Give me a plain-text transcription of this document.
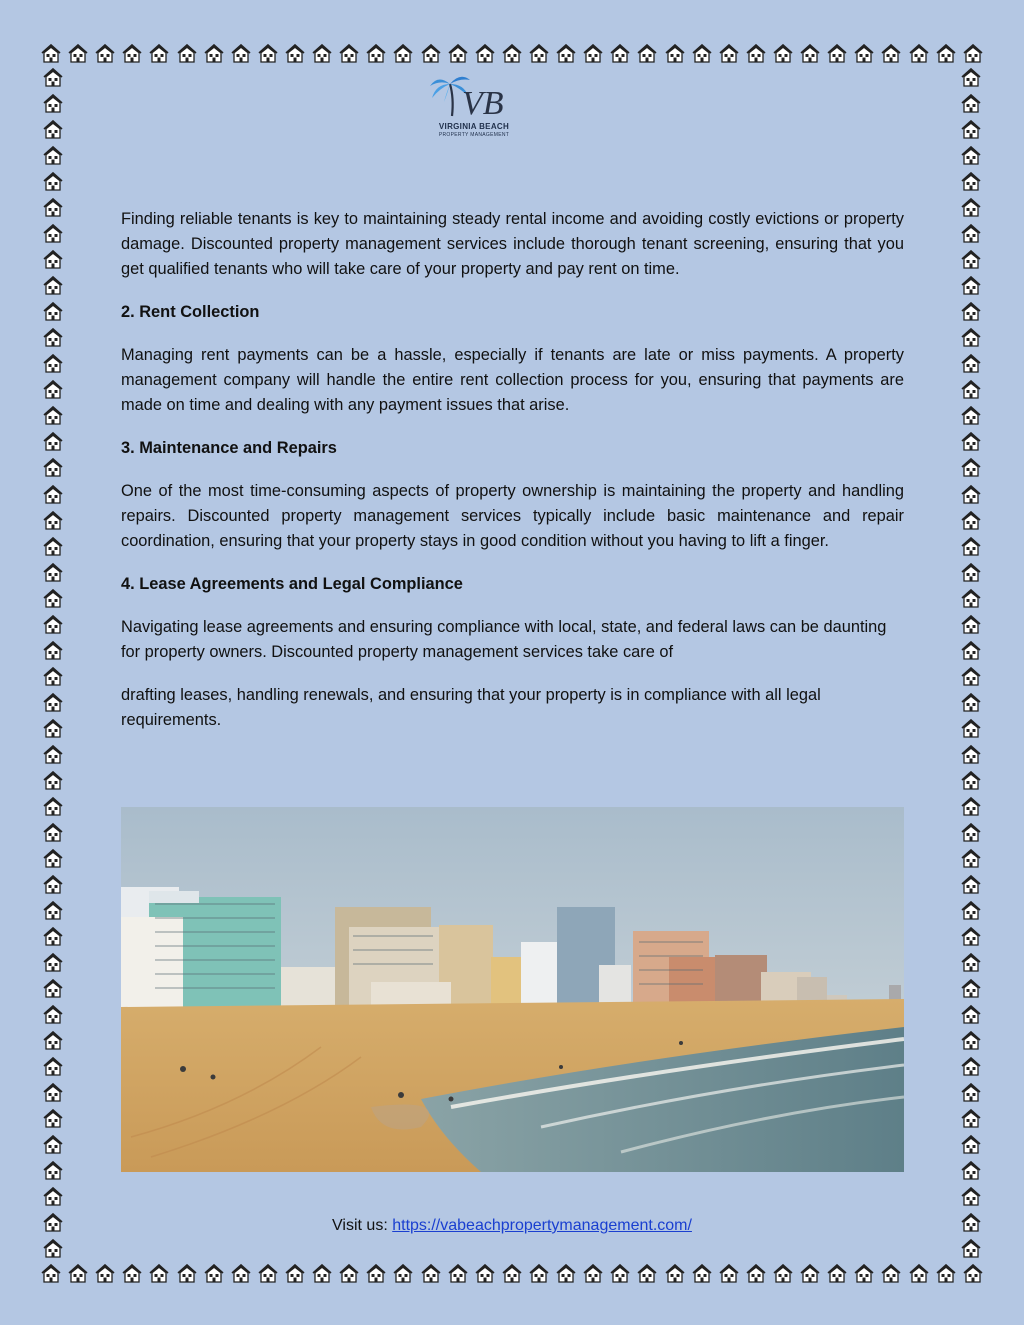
VB
VIRGINIA BEACH
PROPERTY MANAGEMENT

Finding reliable tenants is key to maintaining steady rental income and avoiding costly evictions or property damage. Discounted property management services include thorough tenant screening, ensuring that you get qualified tenants who will take care of your property and pay rent on time.

2. Rent Collection

Managing rent payments can be a hassle, especially if tenants are late or miss payments. A property management company will handle the entire rent collection process for you, ensuring that payments are made on time and dealing with any payment issues that arise.

3. Maintenance and Repairs

One of the most time-consuming aspects of property ownership is maintaining the property and handling repairs. Discounted property management services typically include basic maintenance and repair coordination, ensuring that your property stays in good condition without you having to lift a finger.

4. Lease Agreements and Legal Compliance

Navigating lease agreements and ensuring compliance with local, state, and federal laws can be daunting for property owners. Discounted property management services take care of

drafting leases, handling renewals, and ensuring that your property is in compliance with all legal requirements.

Visit us: https://vabeachpropertymanagement.com/
